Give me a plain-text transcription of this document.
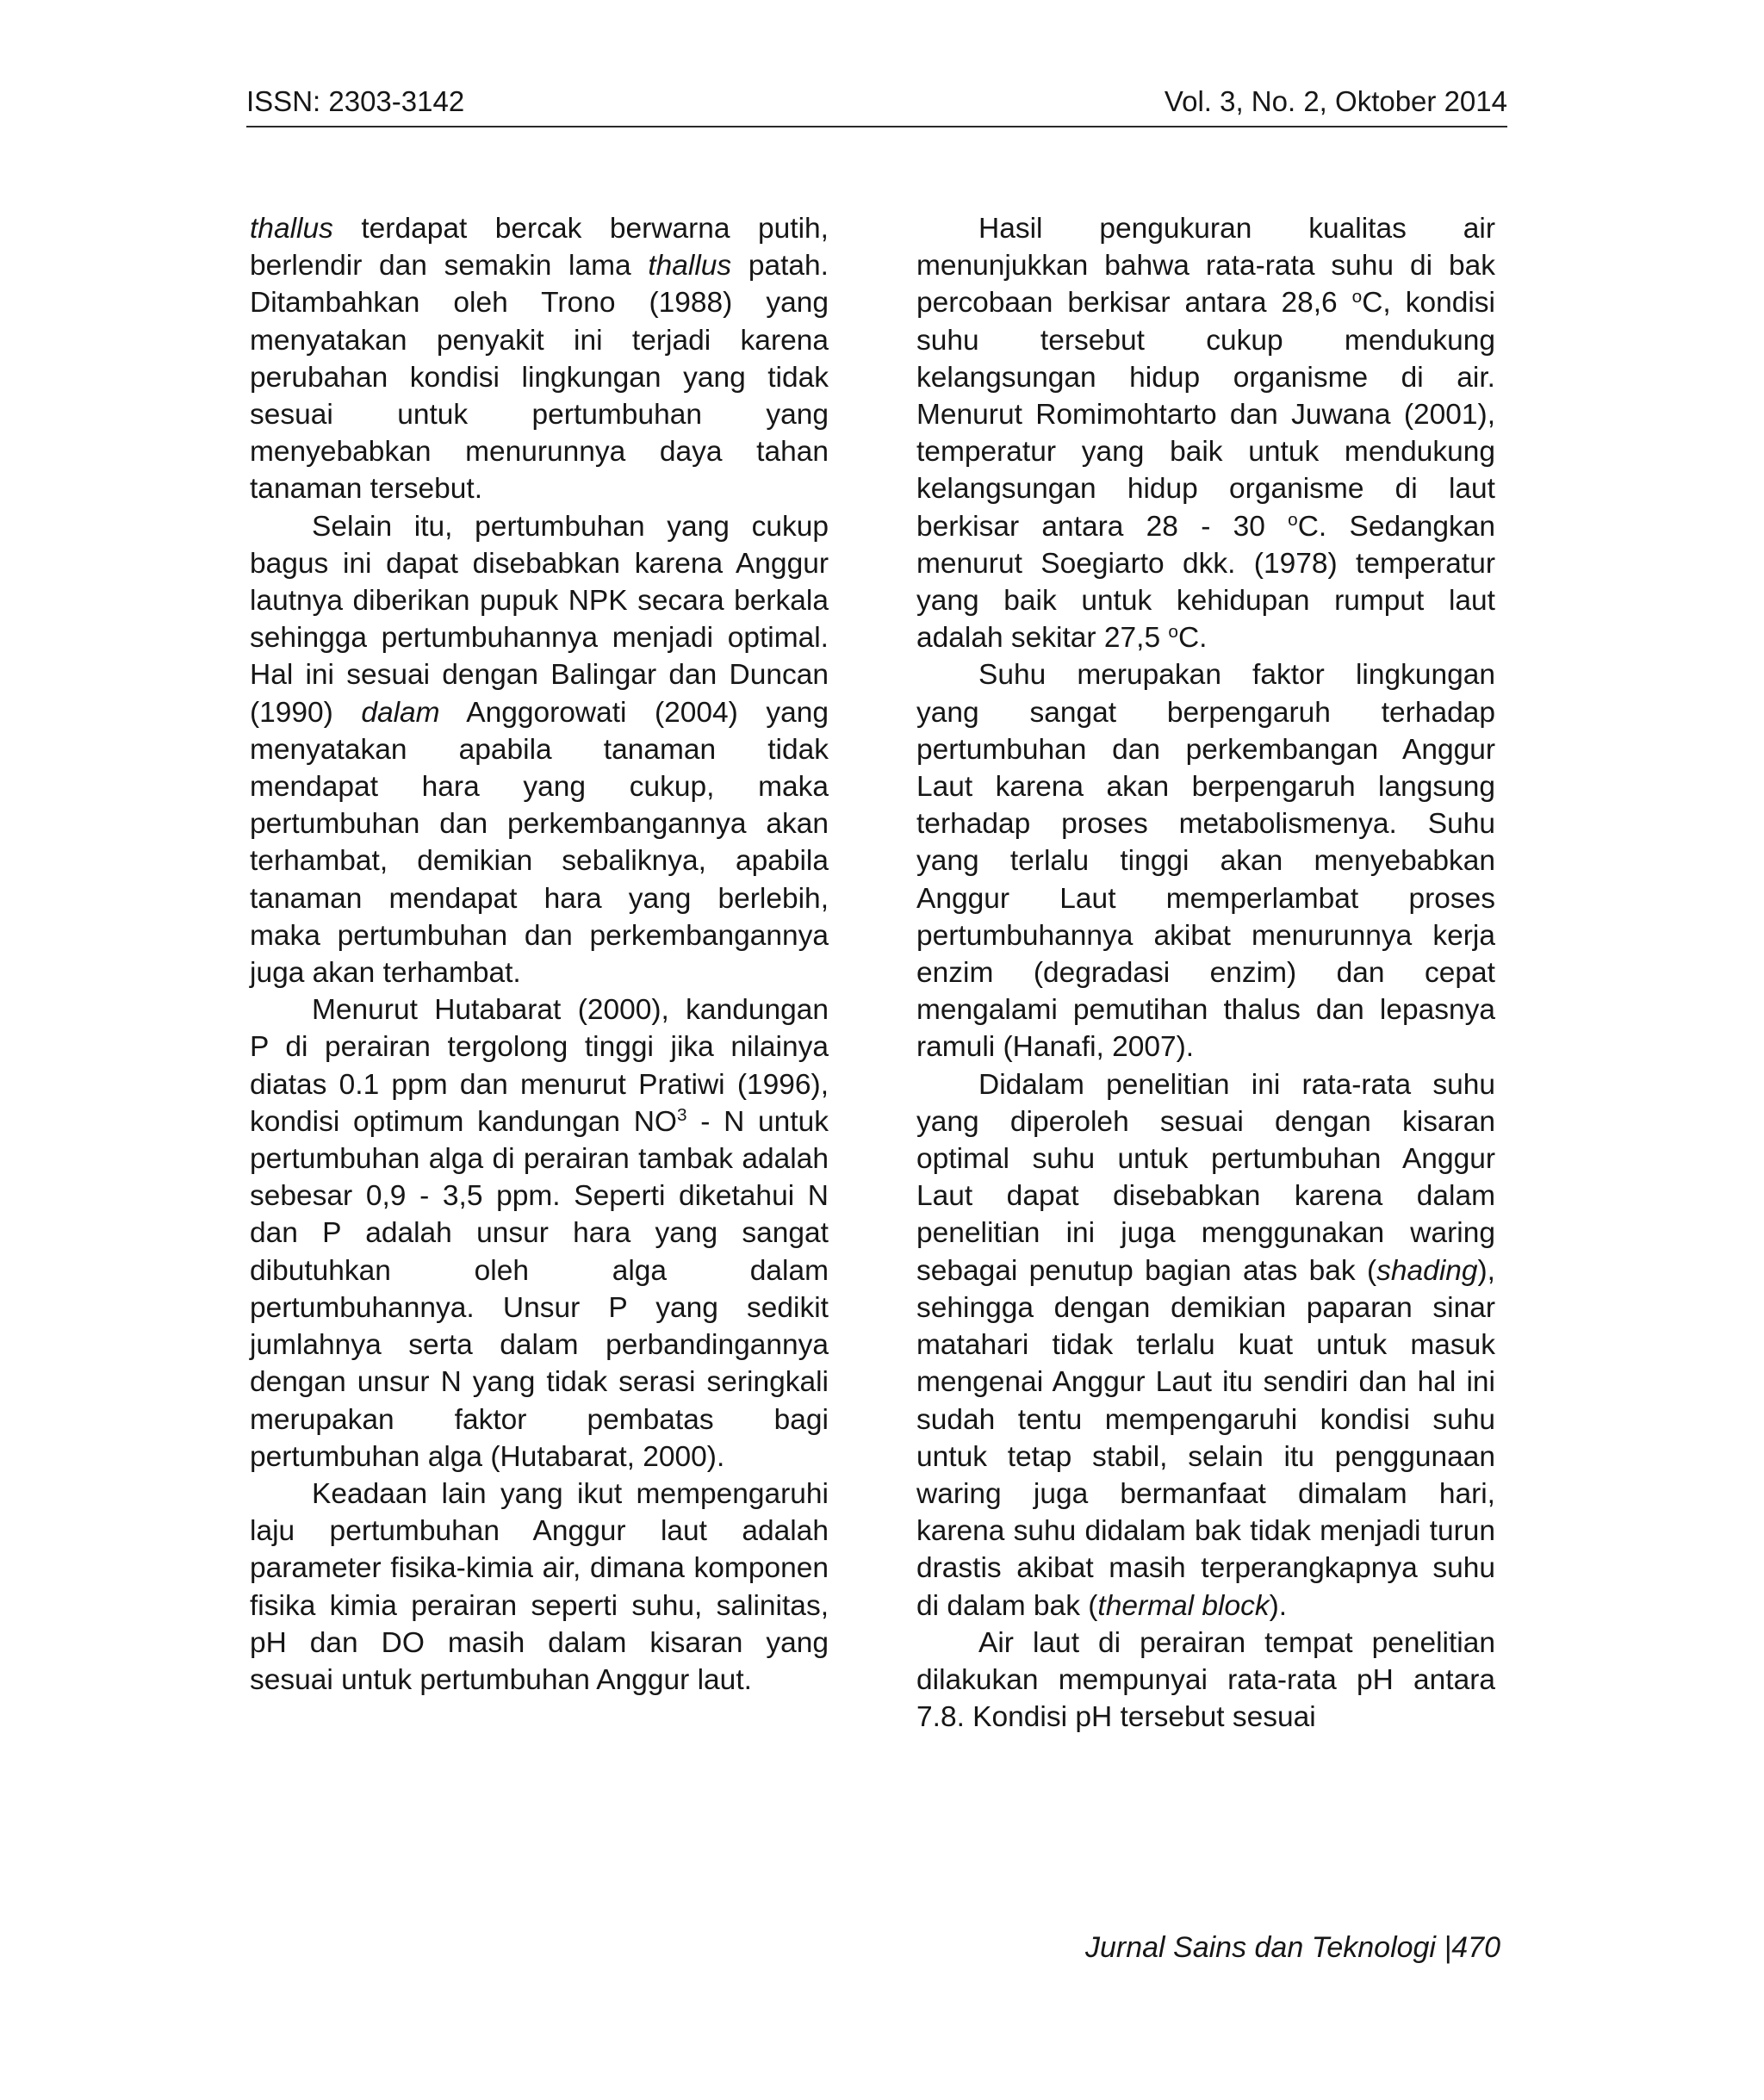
ISSN: 2303-3142	Vol. 3, No. 2, Oktober 2014

thallus terdapat bercak berwarna putih, berlendir dan semakin lama thallus patah. Ditambahkan oleh Trono (1988) yang menyatakan penyakit ini terjadi karena perubahan kondisi lingkungan yang tidak sesuai untuk pertumbuhan yang menyebabkan menurunnya daya tahan tanaman tersebut.

Selain itu, pertumbuhan yang cukup bagus ini dapat disebabkan karena Anggur lautnya diberikan pupuk NPK secara berkala sehingga pertumbuhannya menjadi optimal. Hal ini sesuai dengan Balingar dan Duncan (1990) dalam Anggorowati (2004) yang menyatakan apabila tanaman tidak mendapat hara yang cukup, maka pertumbuhan dan perkembangannya akan terhambat, demikian sebaliknya, apabila tanaman mendapat hara yang berlebih, maka pertumbuhan dan perkembangannya juga akan terhambat.

Menurut Hutabarat (2000), kandungan P di perairan tergolong tinggi jika nilainya diatas 0.1 ppm dan menurut Pratiwi (1996), kondisi optimum kandungan $NO^3$ - N untuk pertumbuhan alga di perairan tambak adalah sebesar 0,9 - 3,5 ppm. Seperti diketahui N dan P adalah unsur hara yang sangat dibutuhkan oleh alga dalam pertumbuhannya. Unsur P yang sedikit jumlahnya serta dalam perbandingannya dengan unsur N yang tidak serasi seringkali merupakan faktor pembatas bagi pertumbuhan alga (Hutabarat, 2000).

Keadaan lain yang ikut mempengaruhi laju pertumbuhan Anggur laut adalah parameter fisika-kimia air, dimana komponen fisika kimia perairan seperti suhu, salinitas, pH dan DO masih dalam kisaran yang sesuai untuk pertumbuhan Anggur laut.

Hasil pengukuran kualitas air menunjukkan bahwa rata-rata suhu di bak percobaan berkisar antara 28,6 $^o$C, kondisi suhu tersebut cukup mendukung kelangsungan hidup organisme di air. Menurut Romimohtarto dan Juwana (2001), temperatur yang baik untuk mendukung kelangsungan hidup organisme di laut berkisar antara 28 - 30 $^o$C. Sedangkan menurut Soegiarto dkk. (1978) temperatur yang baik untuk kehidupan rumput laut adalah sekitar 27,5 $^o$C.

Suhu merupakan faktor lingkungan yang sangat berpengaruh terhadap pertumbuhan dan perkembangan Anggur Laut karena akan berpengaruh langsung terhadap proses metabolismenya. Suhu yang terlalu tinggi akan menyebabkan Anggur Laut memperlambat proses pertumbuhannya akibat menurunnya kerja enzim (degradasi enzim) dan cepat mengalami pemutihan thalus dan lepasnya ramuli (Hanafi, 2007).

Didalam penelitian ini rata-rata suhu yang diperoleh sesuai dengan kisaran optimal suhu untuk pertumbuhan Anggur Laut dapat disebabkan karena dalam penelitian ini juga menggunakan waring sebagai penutup bagian atas bak (shading), sehingga dengan demikian paparan sinar matahari tidak terlalu kuat untuk masuk mengenai Anggur Laut itu sendiri dan hal ini sudah tentu mempengaruhi kondisi suhu untuk tetap stabil, selain itu penggunaan waring juga bermanfaat dimalam hari, karena suhu didalam bak tidak menjadi turun drastis akibat masih terperangkapnya suhu di dalam bak (thermal block).

Air laut di perairan tempat penelitian dilakukan mempunyai rata-rata pH antara 7.8. Kondisi pH tersebut sesuai

Jurnal Sains dan Teknologi |470
